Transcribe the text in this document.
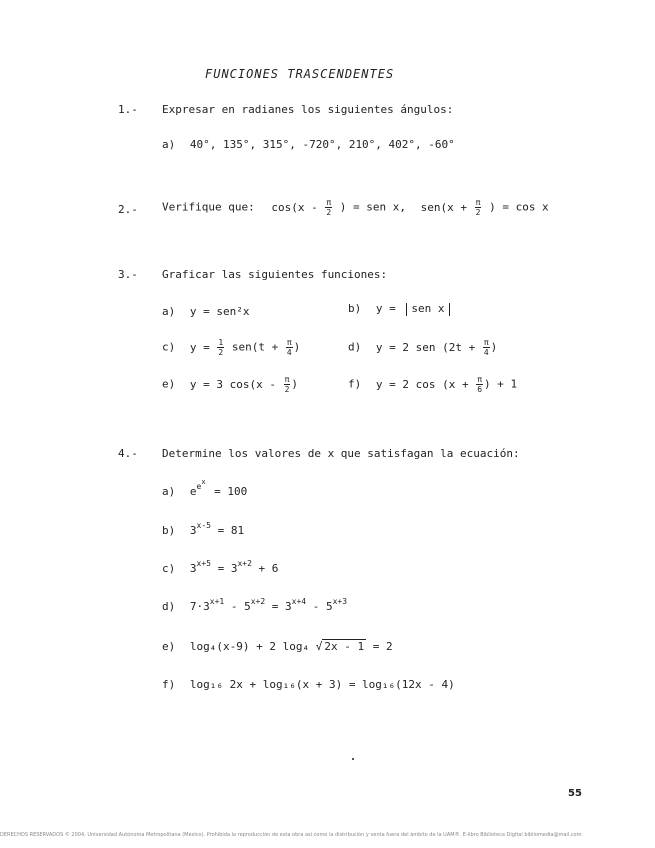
FUNCIONES TRASCENDENTES
1.- Expresar en radianes los siguientes ángulos:
a) 40°, 135°, 315°, -720°, 210°, 402°, -60°
2.- Verifique que: $\cos(x - \frac{\pi}{2}$ ) = sen x, $sen(x + \frac{\pi}{2}$ ) = cos x
3.- Graficar las siguientes funciones:
a) y = sen²x	b) y = sen x
c) $y = \frac{1}{2} sen(t + \frac{\pi}{4}$ )	d) y = 2 sen ($2t + \frac{\pi}{4}$ )
e) y = 3 $\cos(x - \frac{\pi}{2}$ )	f) y = 2 $\cos (x + \frac{\pi}{6}$ ) + 1
4.- Determine los valores de x que satisfagan la ecuación:
a) $e^{ex} = 100$
b) $3^{x-5} = 81$
c) $3^{x+5} = 3^{x+2} + 6$
d) $7\cdot 3^{x+1} - 5^{x+2} = 3^{x+4} - 5^{x+3}$
e) log₄(x-9) + 2 log₄ √ 2x - 1 = 2
f) log₁₆ 2x + log₁₆(x + 3) = log₁₆(12x - 4)
55
DERECHOS RESERVADOS © 2004, Universidad Autónoma Metropolitana (México). Prohibida la reproducción de esta obra así como la distribución y venta fuera del ámbito de la UAM®. E-libro Biblioteca Digital bibliomedia@mail.com
